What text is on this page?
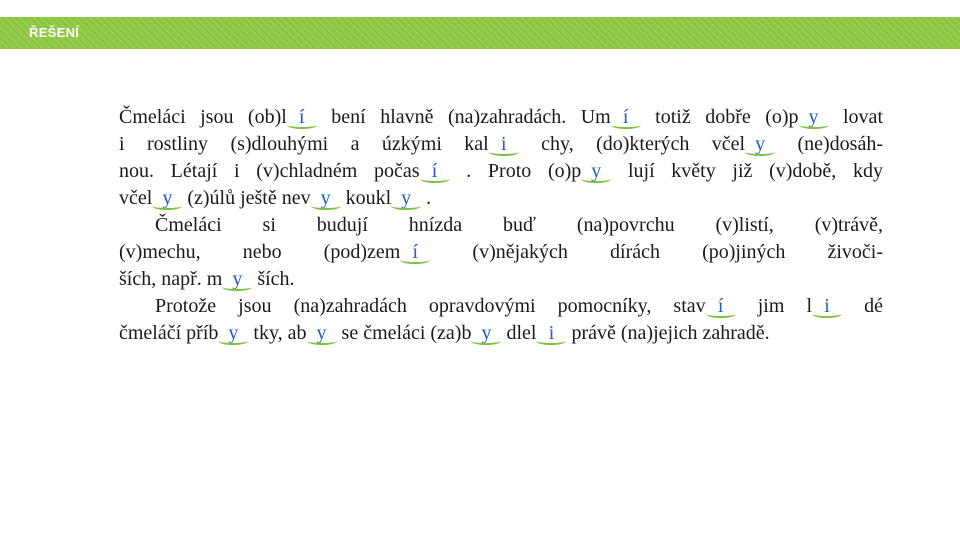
ŘEŠENÍ
Čmeláci jsou (ob)l í bení hlavně (na)zahradách. Um í totiž dobře (o)p y lovat
i rostliny (s)dlouhými a úzkými kal i chy, (do)kterých včel y (ne)dosáh-
nou. Létají i (v)chladném počas í . Proto (o)p y lují květy již (v)době, kdy
včel y (z)úlů ještě nev y koukl y .
Čmeláci si budují hnízda buď (na)povrchu (v)listí, (v)trávě,
(v)mechu, nebo (pod)zem í (v)nějakých dírách (po)jiných živoči-
ších, např. m y ších.
Protože jsou (na)zahradách opravdovými pomocníky, stav í jim l i dé
čmeláčí příb y tky, ab y se čmeláci (za)b y dlel i právě (na)jejich zahradě.
